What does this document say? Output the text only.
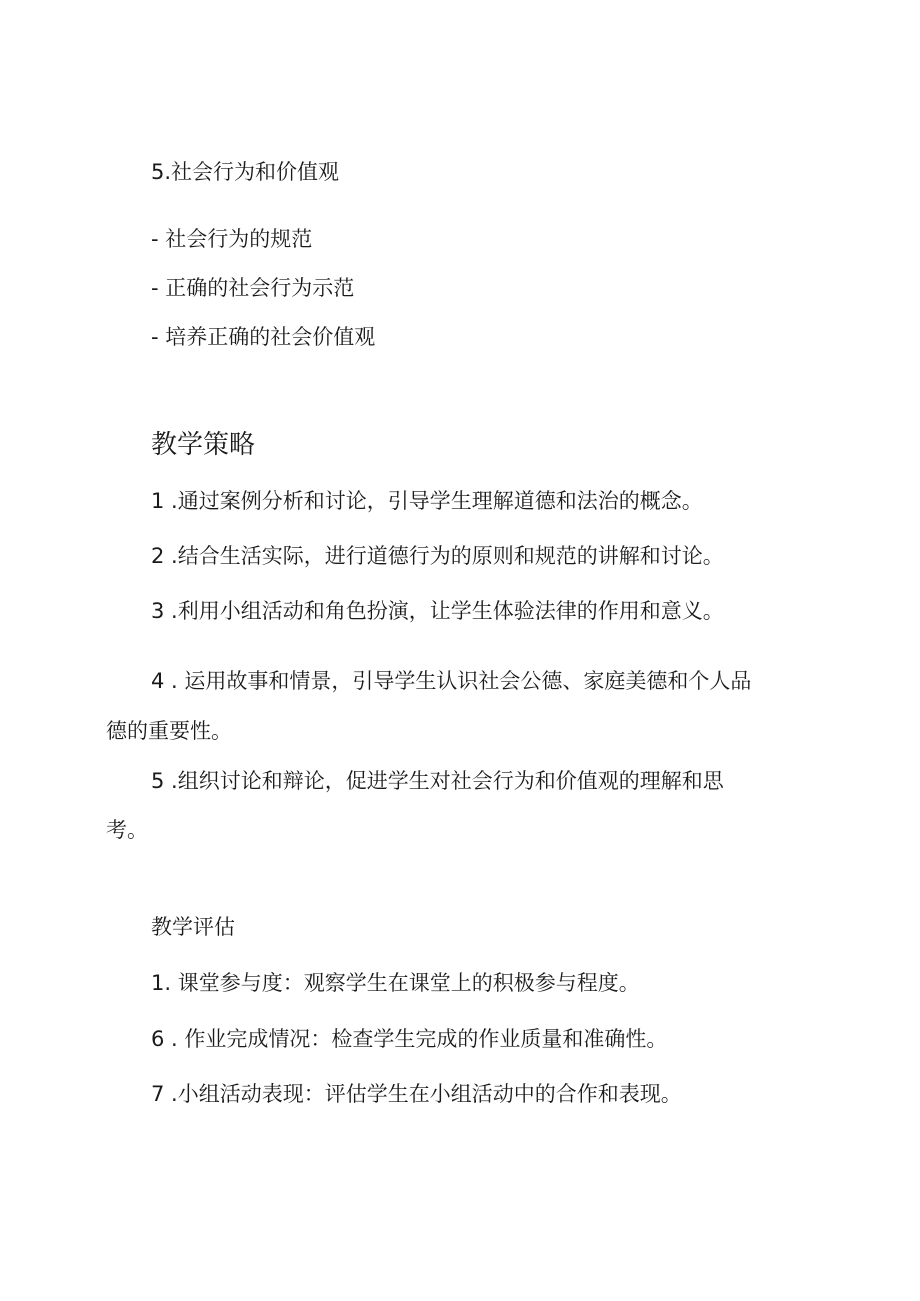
5.社会行为和价值观
- 社会行为的规范
- 正确的社会行为示范
- 培养正确的社会价值观
教学策略
1 .通过案例分析和讨论，引导学生理解道德和法治的概念。
2 .结合生活实际，进行道德行为的原则和规范的讲解和讨论。
3 .利用小组活动和角色扮演，让学生体验法律的作用和意义。
4 . 运用故事和情景，引导学生认识社会公德、家庭美德和个人品
德的重要性。
5 .组织讨论和辩论，促进学生对社会行为和价值观的理解和思
考。
教学评估
1. 课堂参与度：观察学生在课堂上的积极参与程度。
6 . 作业完成情况：检查学生完成的作业质量和准确性。
7 .小组活动表现：评估学生在小组活动中的合作和表现。
